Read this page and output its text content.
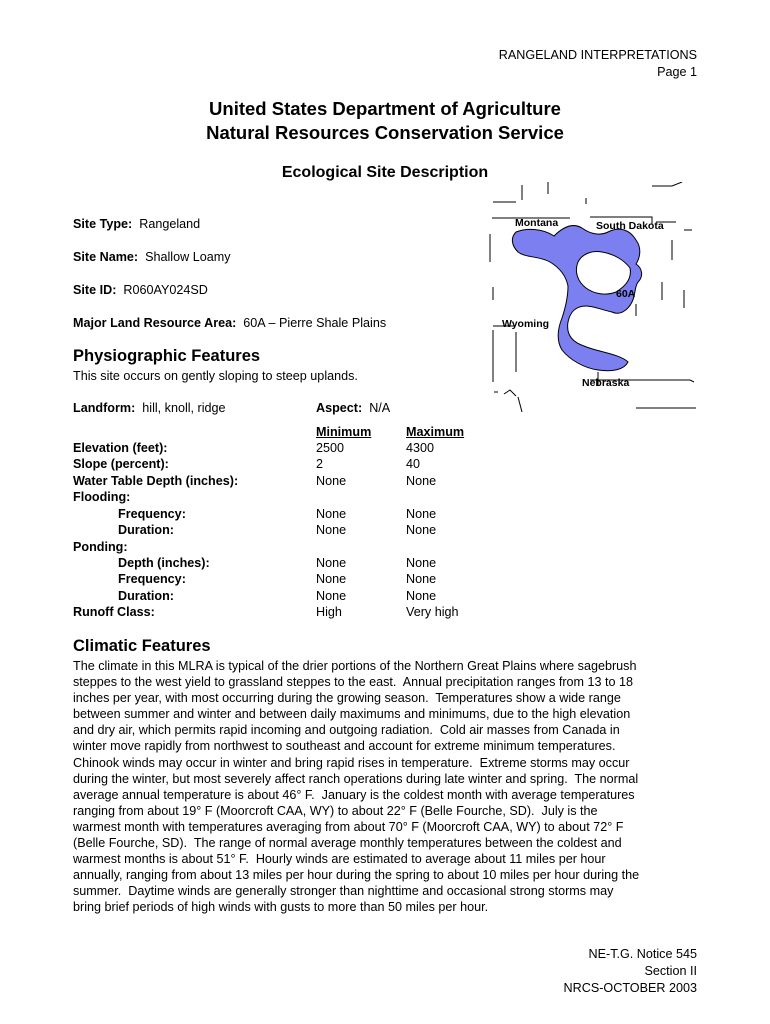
RANGELAND INTERPRETATIONS
Page 1
United States Department of Agriculture
Natural Resources Conservation Service
Ecological Site Description
Site Type: Rangeland
Site Name: Shallow Loamy
Site ID: R060AY024SD
Major Land Resource Area: 60A – Pierre Shale Plains
Montana	South Dakota
60A
Wyoming
Nebraska
Physiographic Features
This site occurs on gently sloping to steep uplands.
Landform: hill, knoll, ridge	Aspect: N/A
Minimum	Maximum
Elevation (feet):	2500	4300
Slope (percent):	2	40
Water Table Depth (inches):	None	None
Flooding:
Frequency:	None	None
Duration:	None	None
Ponding:
Depth (inches):	None	None
Frequency:	None	None
Duration:	None	None
Runoff Class:	High	Very high
Climatic Features
The climate in this MLRA is typical of the drier portions of the Northern Great Plains where sagebrush
steppes to the west yield to grassland steppes to the east.  Annual precipitation ranges from 13 to 18
inches per year, with most occurring during the growing season.  Temperatures show a wide range
between summer and winter and between daily maximums and minimums, due to the high elevation
and dry air, which permits rapid incoming and outgoing radiation.  Cold air masses from Canada in
winter move rapidly from northwest to southeast and account for extreme minimum temperatures.
Chinook winds may occur in winter and bring rapid rises in temperature.  Extreme storms may occur
during the winter, but most severely affect ranch operations during late winter and spring.  The normal
average annual temperature is about 46° F.  January is the coldest month with average temperatures
ranging from about 19° F (Moorcroft CAA, WY) to about 22° F (Belle Fourche, SD).  July is the
warmest month with temperatures averaging from about 70° F (Moorcroft CAA, WY) to about 72° F
(Belle Fourche, SD).  The range of normal average monthly temperatures between the coldest and
warmest months is about 51° F.  Hourly winds are estimated to average about 11 miles per hour
annually, ranging from about 13 miles per hour during the spring to about 10 miles per hour during the
summer.  Daytime winds are generally stronger than nighttime and occasional strong storms may
bring brief periods of high winds with gusts to more than 50 miles per hour.
NE-T.G. Notice 545
Section II
NRCS-OCTOBER 2003
